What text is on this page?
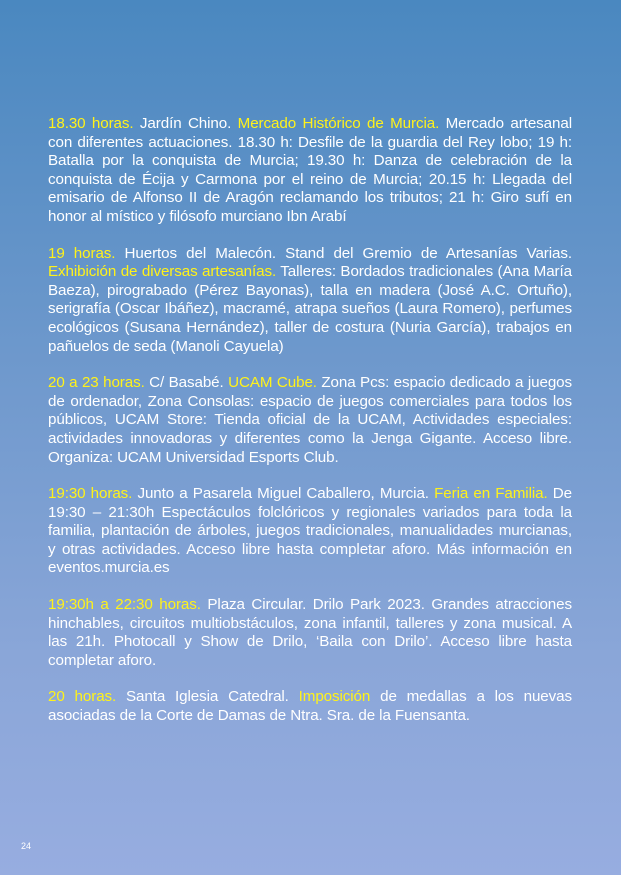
18.30 horas. Jardín Chino. Mercado Histórico de Murcia. Mercado artesanal con diferentes actuaciones. 18.30 h: Desfile de la guardia del Rey lobo; 19 h: Batalla por la conquista de Murcia; 19.30 h: Danza de celebración de la conquista de Écija y Carmona por el reino de Murcia; 20.15 h: Llegada del emisario de Alfonso II de Aragón reclamando los tributos; 21 h: Giro sufí en honor al místico y filósofo murciano Ibn Arabí

19 horas. Huertos del Malecón. Stand del Gremio de Artesanías Varias. Exhibición de diversas artesanías. Talleres: Bordados tradicionales (Ana María Baeza), pirograbado (Pérez Bayonas), talla en madera (José A.C. Ortuño), serigrafía (Oscar Ibáñez), macramé, atrapa sueños (Laura Romero), perfumes ecológicos (Susana Hernández), taller de costura (Nuria García), trabajos en pañuelos de seda (Manoli Cayuela)

20 a 23 horas. C/ Basabé. UCAM Cube. Zona Pcs: espacio dedicado a juegos de ordenador, Zona Consolas: espacio de juegos comerciales para todos los públicos, UCAM Store: Tienda oficial de la UCAM, Actividades especiales: actividades innovadoras y diferentes como la Jenga Gigante. Acceso libre. Organiza: UCAM Universidad Esports Club.

19:30 horas. Junto a Pasarela Miguel Caballero, Murcia. Feria en Familia. De 19:30 – 21:30h Espectáculos folclóricos y regionales variados para toda la familia, plantación de árboles, juegos tradicionales, manualidades murcianas, y otras actividades. Acceso libre hasta completar aforo. Más información en eventos.murcia.es

19:30h a 22:30 horas. Plaza Circular. Drilo Park 2023. Grandes atracciones hinchables, circuitos multiobstáculos, zona infantil, talleres y zona musical. A las 21h. Photocall y Show de Drilo, ‘Baila con Drilo’. Acceso libre hasta completar aforo.

20 horas. Santa Iglesia Catedral. Imposición de medallas a los nuevas asociadas de la Corte de Damas de Ntra. Sra. de la Fuensanta.

24
